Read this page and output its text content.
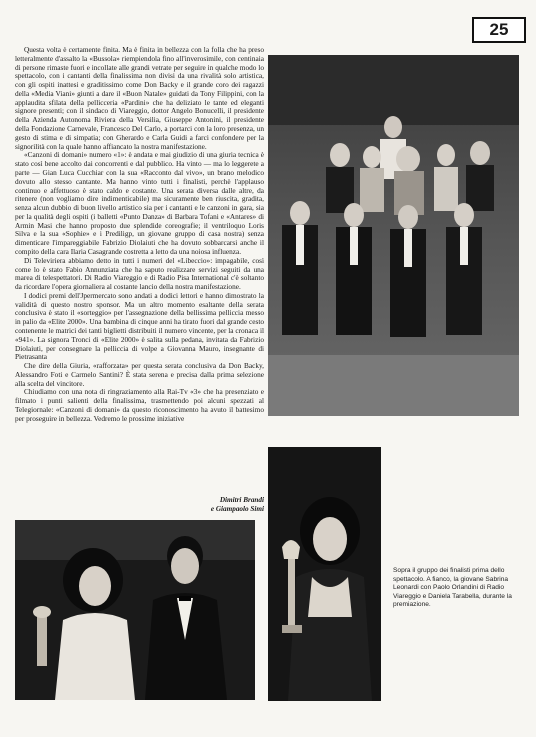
25

Questa volta è certamente finita. Ma è finita in bellezza con la folla che ha preso letteralmente d'assalto la «Bussola» riempiendola fino all'inverosimile, con centinaia di persone rimaste fuori e incollate alle grandi vetrate per seguire in qualche modo lo spettacolo, con i cantanti della finalissima non divisi da una rivalità solo artistica, con gli ospiti inattesi e graditissimo come Don Backy e il grande coro dei ragazzi della «Media Viani» giunti a dare il «Buon Natale» guidati da Tony Filippini, con la applaudita sfilata della pellicceria «Pardini» che ha deliziato le tante ed eleganti signore presenti; con il sindaco di Viareggio, dottor Angelo Bonucelli, il presidente della Azienda Autonoma Riviera della Versilia, Giuseppe Antonini, il presidente della Fondazione Carnevale, Francesco Del Carlo, a portarci con la loro presenza, un gesto di stima e di simpatia; con Gherardo e Carla Guidi a farci confondere per la signorilità con la quale hanno affiancato la nostra manifestazione.

«Canzoni di domani» numero «1»: è andata e mai giudizio di una giuria tecnica è stato così bene accolto dai concorrenti e dal pubblico. Ha vinto — ma lo leggerete a parte — Gian Luca Cucchiar con la sua «Racconto dal vivo», un brano melodico dovuto allo stesso cantante. Ma hanno vinto tutti i finalisti, perchè l'applauso continuo e affettuoso è stato caldo e costante. Una serata diversa dalle altre, da ritenere (non vogliamo dire indimenticabile) ma sicuramente ben riuscita, gradita, senza alcun dubbio di buon livello artistico sia per i cantanti e le canzoni in gara, sia per la qualità degli ospiti (i balletti «Punto Danza» di Barbara Tofani e «Antares» di Armin Masi che hanno proposto due splendide coreografie; il ventriloquo Loris Silva e la sua «Sophie» e i Prediligp, un giovane gruppo di casa nostra) senza dimenticare l'impareggiabile Fabrizio Diolaiuti che ha dovuto sobbarcarsi anche il compito della cara Ilaria Casagrande costretta a letto da una noiosa influenza.

Di Televiriera abbiamo detto in tutti i numeri del «Libeccio»: impagabile, così come lo è stato Fabio Annunziata che ha saputo realizzare servizi seguiti da una marea di telespettatori. Di Radio Viareggio e di Radio Pisa International c'è soltanto da ricordare l'opera giornaliera al costante lancio della nostra manifestazione.

I dodici premi dell'Jpermercato sono andati a dodici lettori e hanno dimostrato la validità di questo nostro sponsor. Ma un altro momento esaltante della serata conclusiva è stato il «sorteggio» per l'assegnazione della bellissima pelliccia messo in palio da «Elite 2000». Una bambina di cinque anni ha tirato fuori dal grande cesto contenente le matrici dei tanti biglietti distribuiti il numero vincente, per la cronaca il «941». La signora Tronci di «Elite 2000» è salita sulla pedana, invitata da Fabrizio Diolaiuti, per consegnare la pelliccia di volpe a Giovanna Mauro, insegnante di Pietrasanta

Che dire della Giuria, «rafforzata» per questa serata conclusiva da Don Backy, Alessandro Foti e Carmelo Santini? È stata serena e precisa dalla prima selezione alla scelta del vincitore.

Chiudiamo con una nota di ringraziamento alla Rai-Tv «3» che ha presenziato e filmato i punti salienti della finalissima, trasmettendo poi alcuni spezzati al Telegiornale: «Canzoni di domani» da questo riconoscimento ha avuto il battesimo per proseguire in bellezza. Vedremo le prossime iniziative

Dimitri Brandi
e Giampaolo Simi
Sopra il gruppo dei finalisti prima dello spettacolo. A fianco, la giovane Sabrina Leonardi con Paolo Orlandini di Radio Viareggio e Daniela Tarabella, durante la premiazione.
